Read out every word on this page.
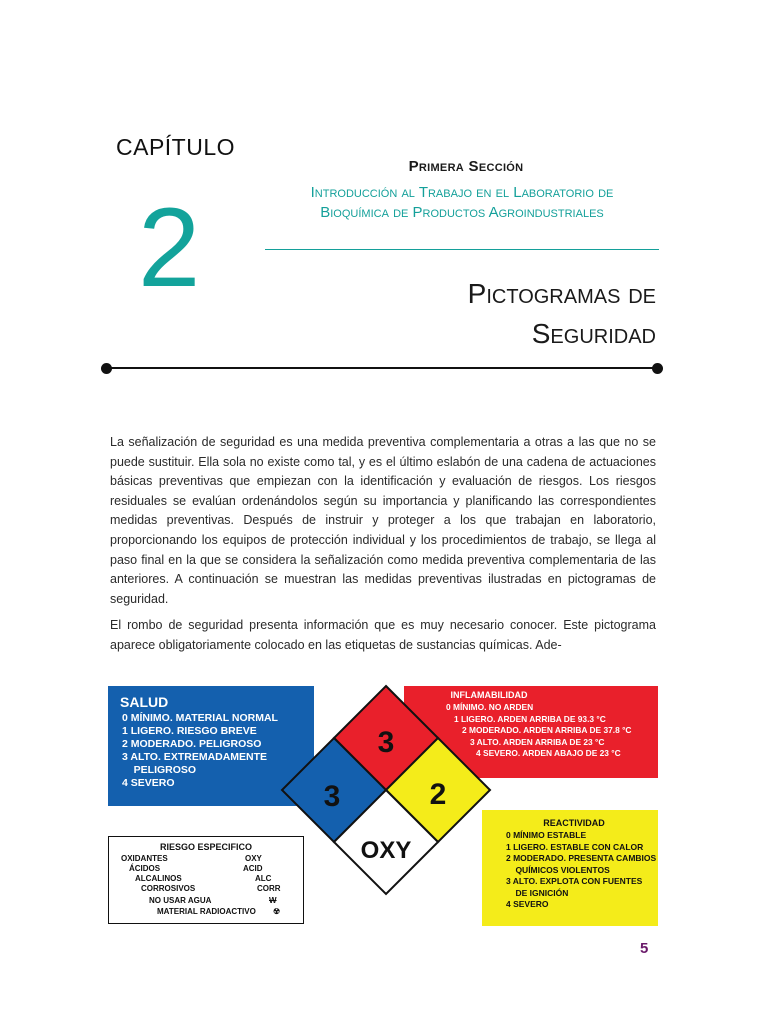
CAPÍTULO
2
Primera Sección
Introducción al Trabajo en el Laboratorio de
Bioquímica de Productos Agroindustriales
Pictogramas de
Seguridad

La señalización de seguridad es una medida preventiva complementaria a otras a las que no se puede sustituir. Ella sola no existe como tal, y es el último eslabón de una cadena de actuaciones básicas preventivas que empiezan con la identificación y evaluación de riesgos. Los riesgos residuales se evalúan ordenándolos según su importancia y planificando las correspondientes medidas preventivas. Después de instruir y proteger a los que trabajan en laboratorio, proporcionando los equipos de protección individual y los procedimientos de trabajo, se llega al paso final en la que se considera la señalización como medida preventiva complementaria de las anteriores. A continuación se muestran las medidas preventivas ilustradas en pictogramas de seguridad.

El rombo de seguridad presenta información que es muy necesario conocer. Este pictograma aparece obligatoriamente colocado en las etiquetas de sustancias químicas. Ade-

SALUD
0 MÍNIMO. MATERIAL NORMAL
1 LIGERO. RIESGO BREVE
2 MODERADO. PELIGROSO
3 ALTO. EXTREMADAMENTE
PELIGROSO
4 SEVERO
INFLAMABILIDAD
0 MÍNIMO. NO ARDEN
1 LIGERO. ARDEN ARRIBA DE 93.3 °C
2 MODERADO. ARDEN ARRIBA DE 37.8 °C
3 ALTO. ARDEN ARRIBA DE 23 °C
4 SEVERO. ARDEN ABAJO DE 23 °C
REACTIVIDAD
0 MÍNIMO ESTABLE
1 LIGERO. ESTABLE CON CALOR
2 MODERADO. PRESENTA CAMBIOS
QUÍMICOS VIOLENTOS
3 ALTO. EXPLOTA CON FUENTES
DE IGNICIÓN
4 SEVERO
RIESGO ESPECIFICO
OXIDANTES	OXY
ÁCIDOS	ACID
ALCALINOS	ALC
CORROSIVOS	CORR
NO USAR AGUA	W
MATERIAL RADIOACTIVO ☢
3
3	2
OXY
5
